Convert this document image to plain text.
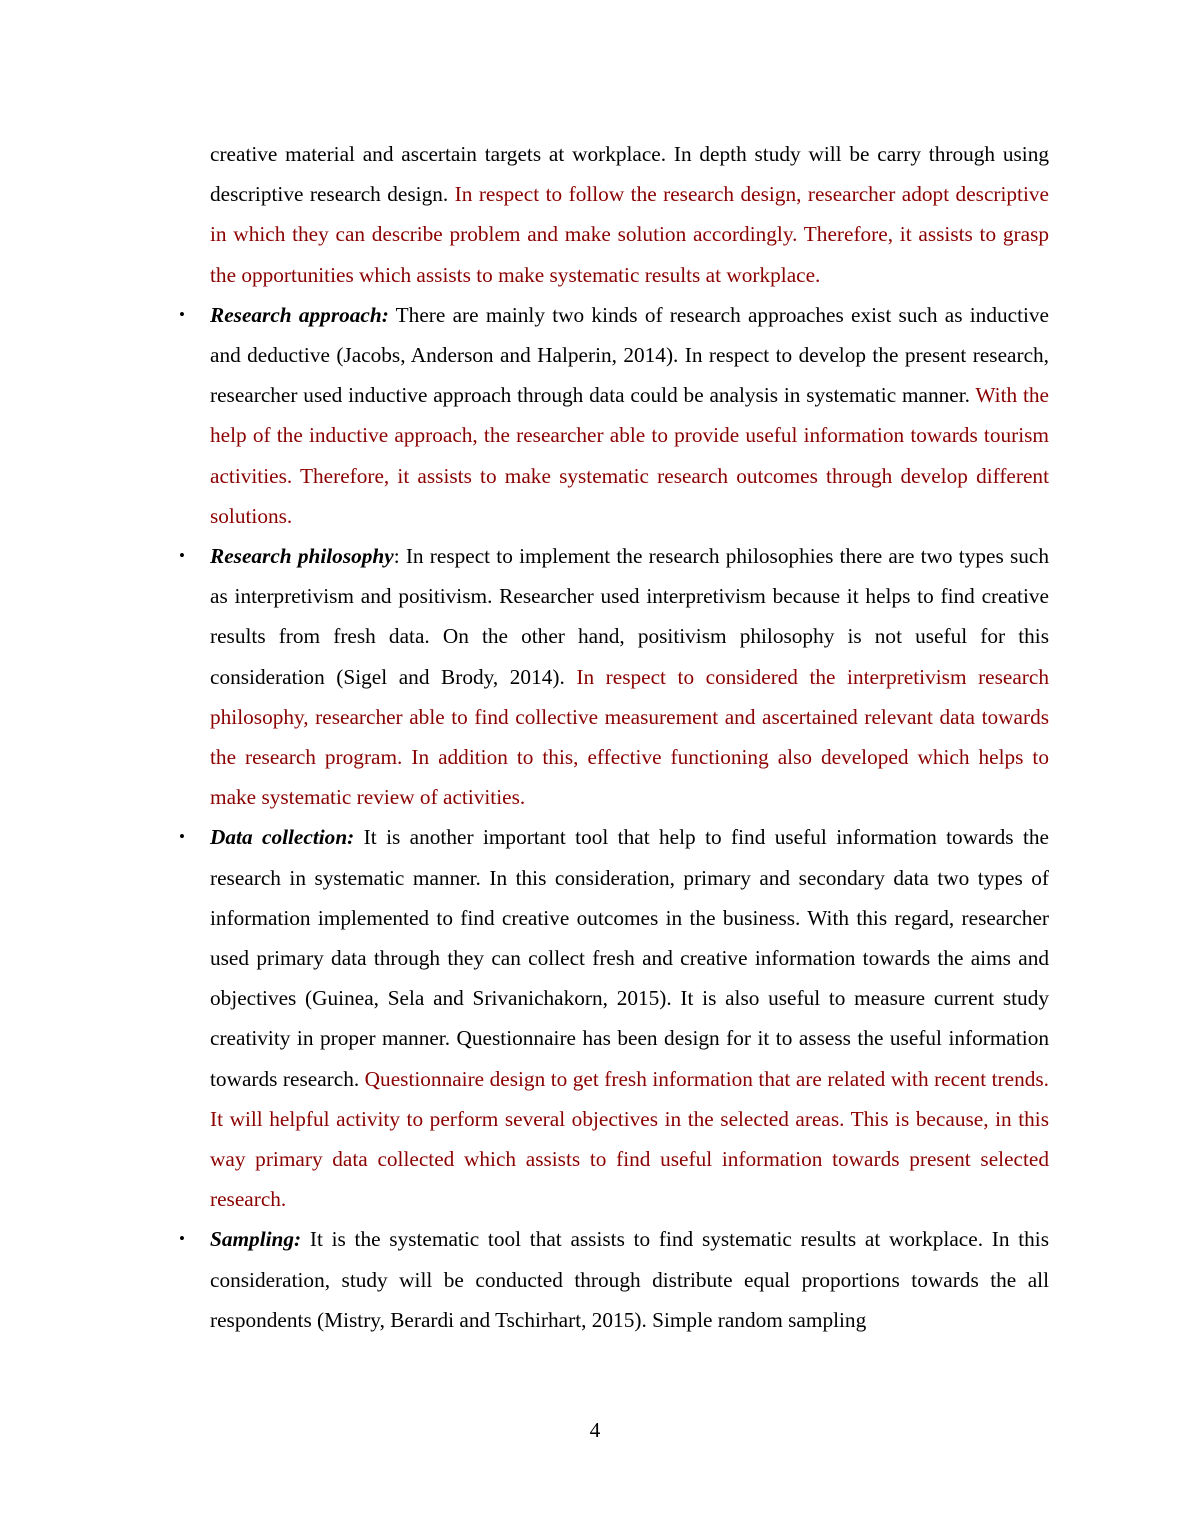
creative material and ascertain targets at workplace. In depth study will be carry through using descriptive research design. In respect to follow the research design, researcher adopt descriptive in which they can describe problem and make solution accordingly. Therefore, it assists to grasp the opportunities which assists to make systematic results at workplace.

• Research approach: There are mainly two kinds of research approaches exist such as inductive and deductive (Jacobs, Anderson and Halperin, 2014). In respect to develop the present research, researcher used inductive approach through data could be analysis in systematic manner. With the help of the inductive approach, the researcher able to provide useful information towards tourism activities. Therefore, it assists to make systematic research outcomes through develop different solutions.

• Research philosophy: In respect to implement the research philosophies there are two types such as interpretivism and positivism. Researcher used interpretivism because it helps to find creative results from fresh data. On the other hand, positivism philosophy is not useful for this consideration (Sigel and Brody, 2014). In respect to considered the interpretivism research philosophy, researcher able to find collective measurement and ascertained relevant data towards the research program. In addition to this, effective functioning also developed which helps to make systematic review of activities.

• Data collection: It is another important tool that help to find useful information towards the research in systematic manner. In this consideration, primary and secondary data two types of information implemented to find creative outcomes in the business. With this regard, researcher used primary data through they can collect fresh and creative information towards the aims and objectives (Guinea, Sela and Srivanichakorn, 2015). It is also useful to measure current study creativity in proper manner. Questionnaire has been design for it to assess the useful information towards research. Questionnaire design to get fresh information that are related with recent trends. It will helpful activity to perform several objectives in the selected areas. This is because, in this way primary data collected which assists to find useful information towards present selected research.

• Sampling: It is the systematic tool that assists to find systematic results at workplace. In this consideration, study will be conducted through distribute equal proportions towards the all respondents (Mistry, Berardi and Tschirhart, 2015). Simple random sampling

4
